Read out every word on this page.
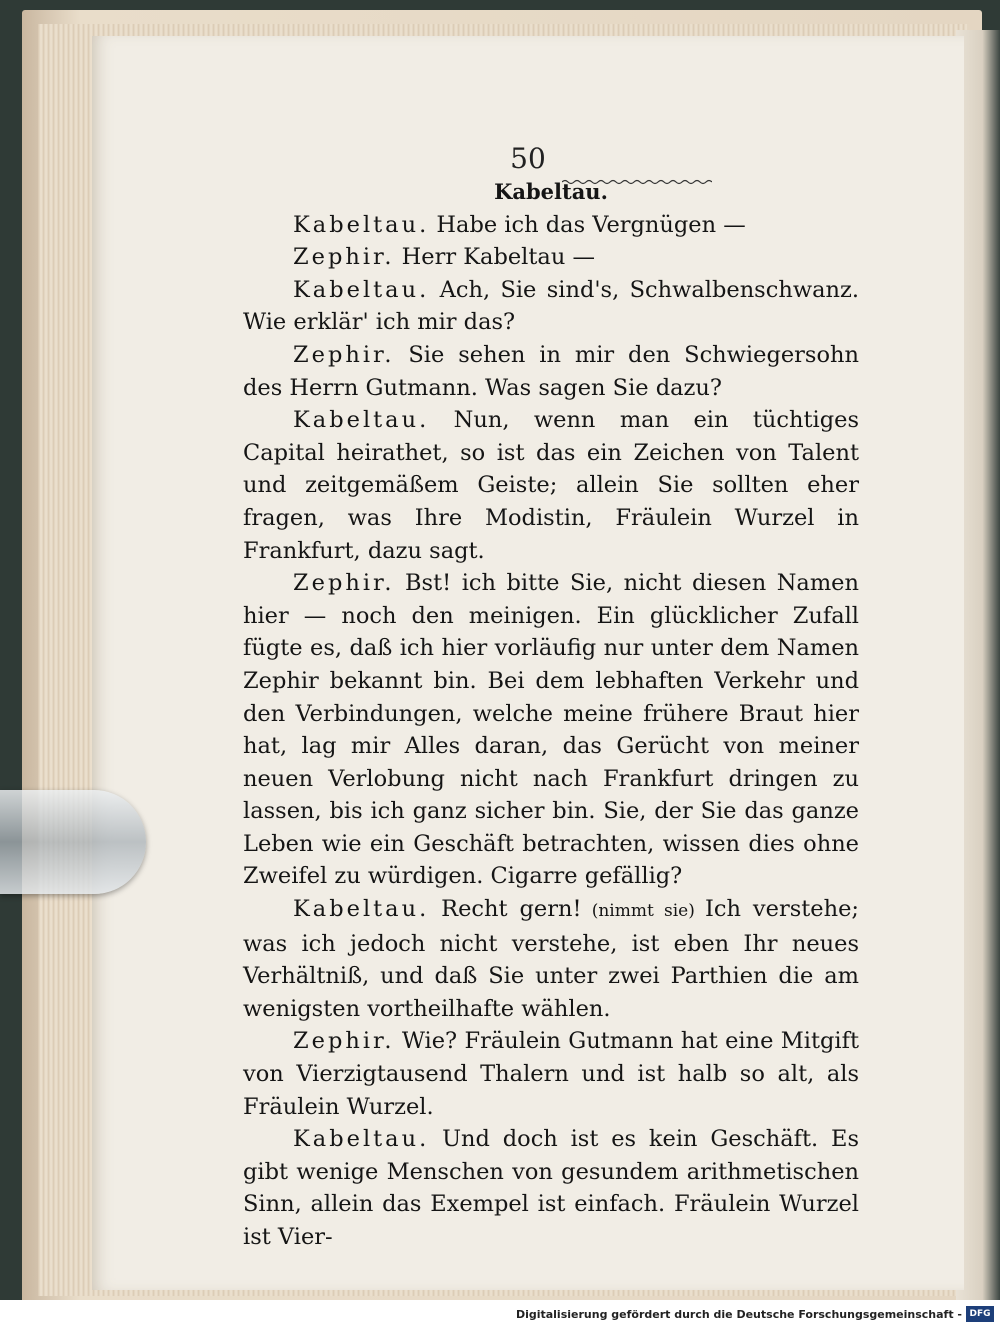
50

Kabeltau.

Kabeltau. Habe ich das Vergnügen —

Zephir. Herr Kabeltau —

Kabeltau. Ach, Sie sind's, Schwalbenschwanz. Wie erklär' ich mir das?

Zephir. Sie sehen in mir den Schwiegersohn des Herrn Gutmann. Was sagen Sie dazu?

Kabeltau. Nun, wenn man ein tüchtiges Capital heirathet, so ist das ein Zeichen von Talent und zeitgemäßem Geiste; allein Sie sollten eher fragen, was Ihre Modistin, Fräulein Wurzel in Frankfurt, dazu sagt.

Zephir. Bst! ich bitte Sie, nicht diesen Namen hier — noch den meinigen. Ein glücklicher Zufall fügte es, daß ich hier vorläufig nur unter dem Namen Zephir bekannt bin. Bei dem lebhaften Verkehr und den Verbindungen, welche meine frühere Braut hier hat, lag mir Alles daran, das Gerücht von meiner neuen Verlobung nicht nach Frankfurt dringen zu lassen, bis ich ganz sicher bin. Sie, der Sie das ganze Leben wie ein Geschäft betrachten, wissen dies ohne Zweifel zu würdigen. Cigarre gefällig?

Kabeltau. Recht gern! (nimmt sie) Ich verstehe; was ich jedoch nicht verstehe, ist eben Ihr neues Verhältniß, und daß Sie unter zwei Parthien die am wenigsten vortheilhafte wählen.

Zephir. Wie? Fräulein Gutmann hat eine Mitgift von Vierzigtausend Thalern und ist halb so alt, als Fräulein Wurzel.

Kabeltau. Und doch ist es kein Geschäft. Es gibt wenige Menschen von gesundem arithmetischen Sinn, allein das Exempel ist einfach. Fräulein Wurzel ist Vier-

Digitalisierung gefördert durch die Deutsche Forschungsgemeinschaft - DFG
